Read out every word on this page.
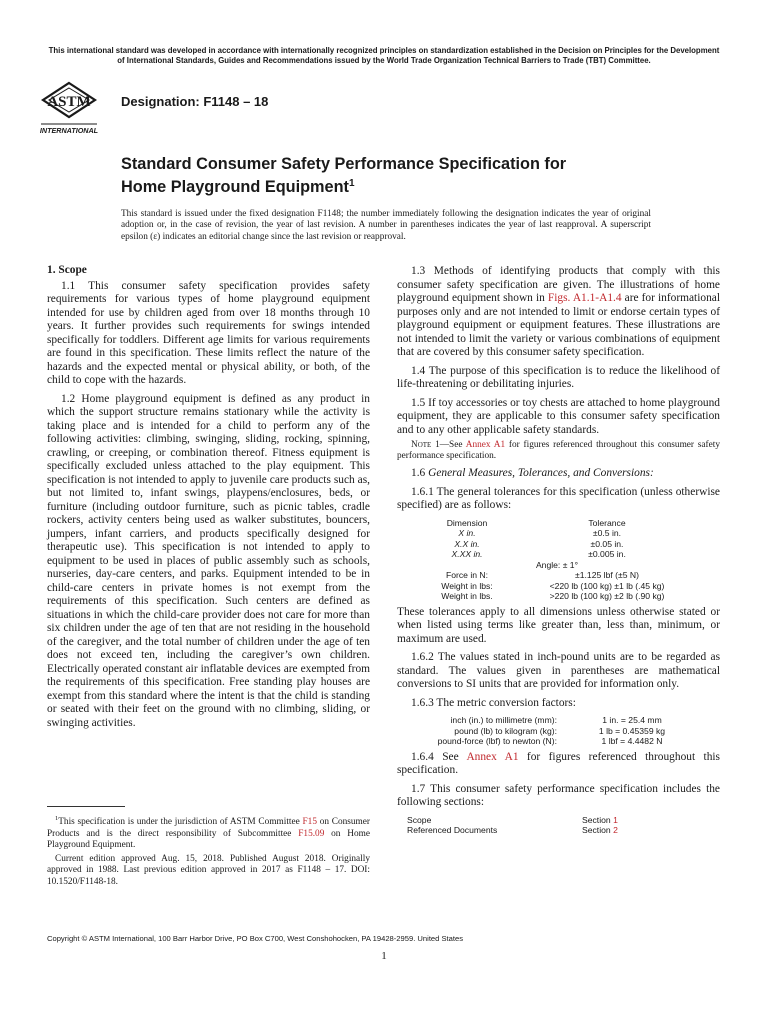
This international standard was developed in accordance with internationally recognized principles on standardization established in the Decision on Principles for the Development of International Standards, Guides and Recommendations issued by the World Trade Organization Technical Barriers to Trade (TBT) Committee.
ASTM
INTERNATIONAL
Designation: F1148 – 18
Standard Consumer Safety Performance Specification for
Home Playground Equipment$^1$
This standard is issued under the fixed designation F1148; the number immediately following the designation indicates the year of original adoption or, in the case of revision, the year of last revision. A number in parentheses indicates the year of last reapproval. A superscript epsilon (ε) indicates an editorial change since the last revision or reapproval.
1. Scope

1.1 This consumer safety specification provides safety requirements for various types of home playground equipment intended for use by children aged from over 18 months through 10 years. It further provides such requirements for swings intended specifically for toddlers. Different age limits for various requirements are found in this specification. These limits reflect the nature of the hazards and the expected mental or physical ability, or both, of the child to cope with the hazards.

1.2 Home playground equipment is defined as any product in which the support structure remains stationary while the activity is taking place and is intended for a child to perform any of the following activities: climbing, swinging, sliding, rocking, spinning, crawling, or creeping, or combination thereof. Fitness equipment is specifically excluded unless attached to the play equipment. This specification is not intended to apply to juvenile care products such as, but not limited to, infant swings, playpens/enclosures, beds, or furniture (including outdoor furniture, such as picnic tables, cradle rockers, activity centers being used as walker substitutes, bouncers, jumpers, infant carriers, and products specifically designed for therapeutic use). This specification is not intended to apply to equipment to be used in places of public assembly such as schools, nurseries, day-care centers, and parks. Equipment intended to be in child-care centers in private homes is not exempt from the requirements of this specification. Such centers are defined as situations in which the child-care provider does not care for more than six children under the age of ten that are not residing in the household of the caregiver, and the total number of children under the age of ten does not exceed ten, including the caregiver’s own children. Electrically operated constant air inflatable devices are exempted from the requirements of this specification. Free standing play houses are exempt from this standard where the intent is that the child is standing or seated with their feet on the ground with no climbing, sliding, or swinging activities.

$^1$This specification is under the jurisdiction of ASTM Committee F15 on Consumer Products and is the direct responsibility of Subcommittee F15.09 on Home Playground Equipment.

Current edition approved Aug. 15, 2018. Published August 2018. Originally approved in 1988. Last previous edition approved in 2017 as F1148 – 17. DOI: 10.1520/F1148-18.

1.3 Methods of identifying products that comply with this consumer safety specification are given. The illustrations of home playground equipment shown in Figs. A1.1-A1.4 are for informational purposes only and are not intended to limit or endorse certain types of playground equipment or equipment features. These illustrations are not intended to limit the variety or various combinations of equipment that are covered by this consumer safety specification.

1.4 The purpose of this specification is to reduce the likelihood of life-threatening or debilitating injuries.

1.5 If toy accessories or toy chests are attached to home playground equipment, they are applicable to this consumer safety specification and to any other applicable safety standards.

Note 1—See Annex A1 for figures referenced throughout this consumer safety performance specification.

1.6 General Measures, Tolerances, and Conversions:

1.6.1 The general tolerances for this specification (unless otherwise specified) are as follows:

Dimension	Tolerance
X in.	±0.5 in.
X.X in.	±0.05 in.
X.XX in.	±0.005 in.
Angle: ± 1°	
Force in N:	±1.125 lbf (±5 N)
Weight in lbs:	<220 lb (100 kg) ±1 lb (.45 kg)
Weight in lbs.	>220 lb (100 kg) ±2 lb (.90 kg)

These tolerances apply to all dimensions unless otherwise stated or when listed using terms like greater than, less than, minimum, or maximum are used.

1.6.2 The values stated in inch-pound units are to be regarded as standard. The values given in parentheses are mathematical conversions to SI units that are provided for information only.

1.6.3 The metric conversion factors:

inch (in.) to millimetre (mm):	1 in. = 25.4 mm
pound (lb) to kilogram (kg):	1 lb = 0.45359 kg
pound-force (lbf) to newton (N):	1 lbf = 4.4482 N

1.6.4 See Annex A1 for figures referenced throughout this specification.

1.7 This consumer safety performance specification includes the following sections:

Scope	Section 1
Referenced Documents	Section 2
Copyright © ASTM International, 100 Barr Harbor Drive, PO Box C700, West Conshohocken, PA 19428-2959. United States
1
